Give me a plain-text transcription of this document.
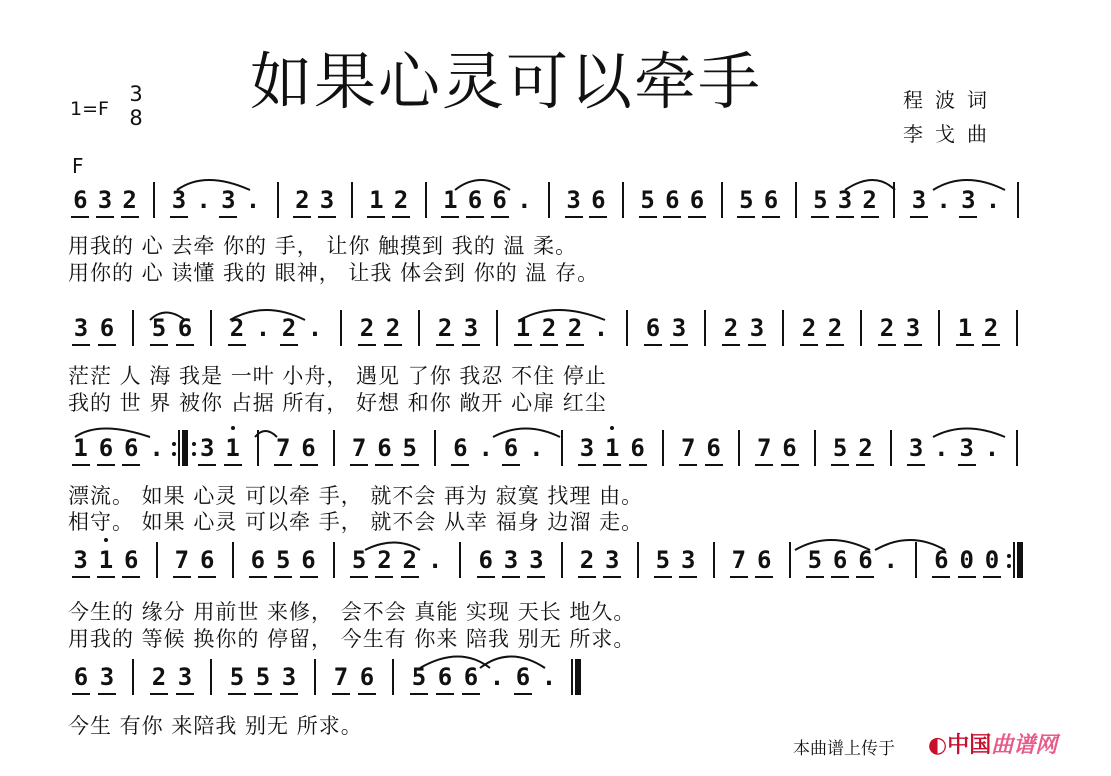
如果心灵可以牵手
1=F
3
8
程波词
李戈曲
F
6 3 2 3 . 3 . 2 3 1 2 1 6 6 . 3 6 5 6 6 5 6 5 3 2 3 . 3 .
3 6 5 6 2 . 2 . 2 2 2 3 1 2 2 . 6 3 2 3 2 2 2 3 1 2
1 6 6 . 3 1 7 6 7 6 5 6 . 6 . 3 1 6 7 6 7 6 5 2 3 . 3 .
3 1 6 7 6 6 5 6 5 2 2 . 6 3 3 2 3 5 3 7 6 5 6 6 . 6 0 0
6 3 2 3 5 5 3 7 6 5 6 6 . 6 .
用我的 心 去牵 你的 手， 让你 触摸到 我的 温 柔。
用你的 心 读懂 我的 眼神， 让我 体会到 你的 温 存。
茫茫 人 海 我是 一叶 小舟， 遇见 了你 我忍 不住 停止
我的 世 界 被你 占据 所有， 好想 和你 敞开 心扉 红尘
漂流。 如果 心灵 可以牵 手， 就不会 再为 寂寞 找理 由。
相守。 如果 心灵 可以牵 手， 就不会 从幸 福身 边溜 走。
今生的 缘分 用前世 来修， 会不会 真能 实现 天长 地久。
用我的 等候 换你的 停留， 今生有 你来 陪我 别无 所求。
今生 有你 来陪我 别无 所求。
本曲谱上传于 ◐中国曲谱网
